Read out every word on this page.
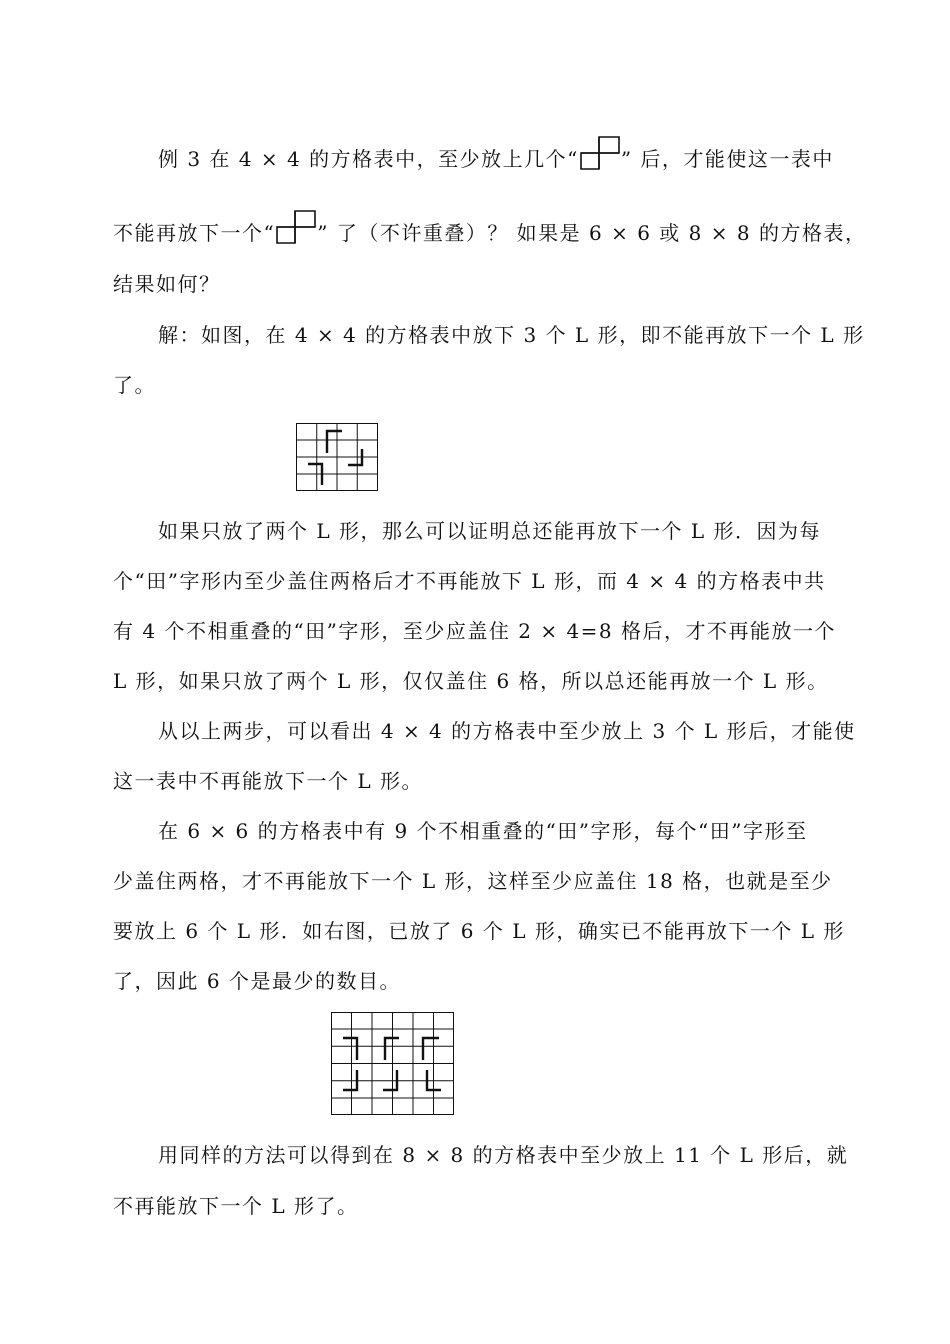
例 3 在 4 × 4 的方格表中，至少放上几个“ ” 后，才能使这一表中
不能再放下一个“ ” 了（不许重叠）？ 如果是 6 × 6 或 8 × 8 的方格表，
结果如何？
解：如图，在 4 × 4 的方格表中放下 3 个 L 形，即不能再放下一个 L 形
了。
如果只放了两个 L 形，那么可以证明总还能再放下一个 L 形．因为每
个“田”字形内至少盖住两格后才不再能放下 L 形，而 4 × 4 的方格表中共
有 4 个不相重叠的“田”字形，至少应盖住 2 × 4=8 格后，才不再能放一个
L 形，如果只放了两个 L 形，仅仅盖住 6 格，所以总还能再放一个 L 形。
从以上两步，可以看出 4 × 4 的方格表中至少放上 3 个 L 形后，才能使
这一表中不再能放下一个 L 形。
在 6 × 6 的方格表中有 9 个不相重叠的“田”字形，每个“田”字形至
少盖住两格，才不再能放下一个 L 形，这样至少应盖住 18 格，也就是至少
要放上 6 个 L 形．如右图，已放了 6 个 L 形，确实已不能再放下一个 L 形
了，因此 6 个是最少的数目。
用同样的方法可以得到在 8 × 8 的方格表中至少放上 11 个 L 形后，就
不再能放下一个 L 形了。
